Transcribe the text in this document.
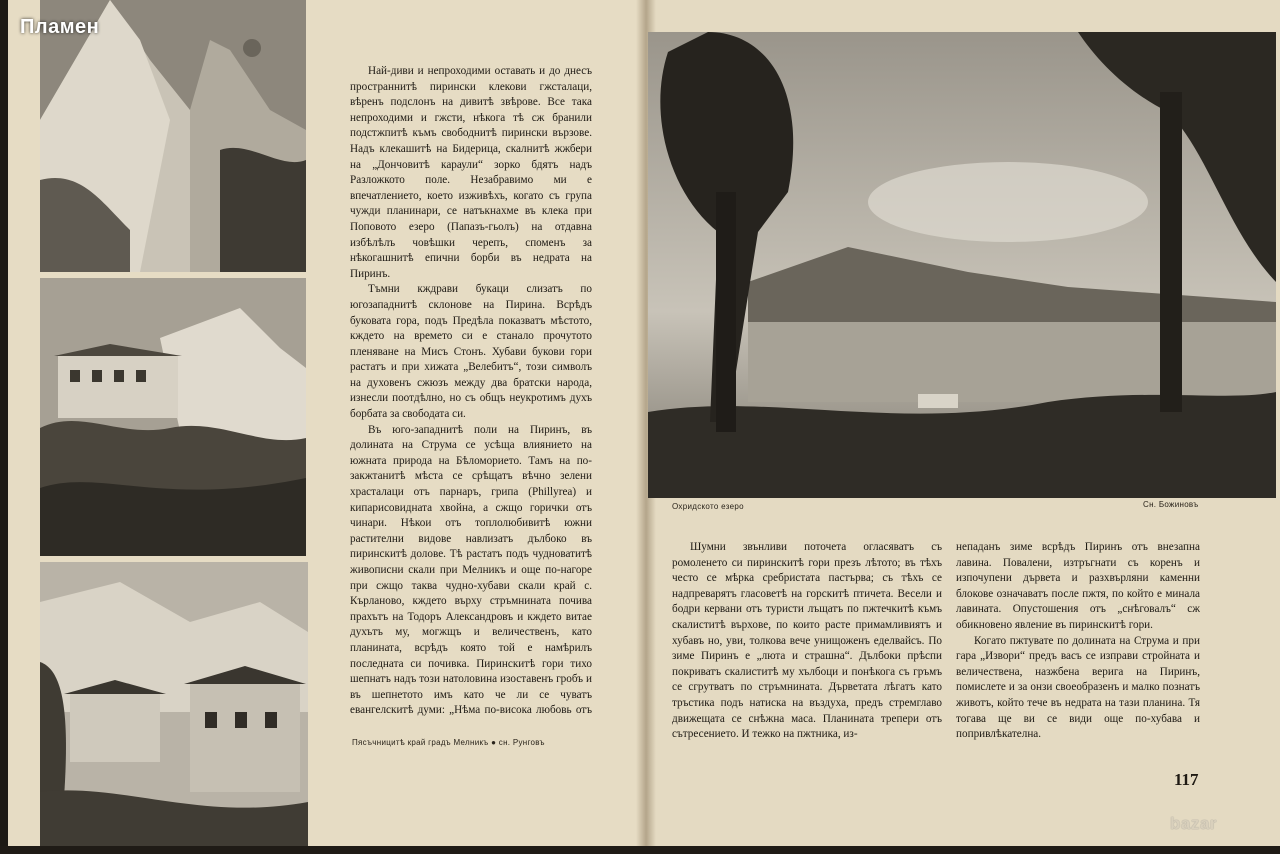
Пламен

Най-диви и непроходими оставать и до днесъ пространнитѣ пирински клекови гжсталаци, вѣренъ подслонъ на дивитѣ звѣрове. Все така непроходими и гжсти, нѣкога тѣ сж бранили подстжпитѣ къмъ свободнитѣ пирински вързове. Надъ клекашитѣ на Бидерица, скалнитѣ жжбери на „Дончовитѣ караули“ зорко бдятъ надъ Разложкото поле. Незабравимо ми е впечатлението, което изживѣхъ, когато съ група чужди планинари, се натъкнахме въ клека при Поповото езеро (Папазъ-гьолъ) на отдавна избѣлѣлъ човѣшки черепъ, споменъ за нѣкогашнитѣ епични борби въ недрата на Пиринъ.

Тъмни кждрави букаци слизатъ по югозападнитѣ склонове на Пирина. Всрѣдъ буковата гора, подъ Предѣла показватъ мѣстото, кждето на времето си е станало прочутото пленяване на Мисъ Стонъ. Хубави букови гори растатъ и при хижата „Велебитъ“, този символъ на духовенъ сжюзъ между два братски народа, изнесли поотдѣлно, но съ общъ неукротимъ духъ борбата за свободата си.

Въ юго-западнитѣ поли на Пиринъ, въ долината на Струма се усѣща влиянието на южната природа на Бѣломорието. Тамъ на по-закжтанитѣ мѣста се срѣщатъ вѣчно зелени храсталаци отъ парнаръ, грипа (Phillyrea) и кипарисовидната хвойна, а сжщо горички отъ чинари. Нѣкои отъ топлолюбивитѣ южни растителни видове навлизатъ дълбоко въ пиринскитѣ долове. Тѣ растатъ подъ чудноватитѣ живописни скали при Мелникъ и още по-нагоре при сжщо таква чудно-хубави скали край с. Кърланово, кждето върху стръмнината почива прахътъ на Тодоръ Александровъ и кждето витае духътъ му, могжщъ и величественъ, като планината, всрѣдъ която той е намѣрилъ последната си почивка. Пиринскитѣ гори тихо шепнатъ надъ този натоловина изоставенъ гробъ и въ шепнетото имъ като че ли се чуватъ евангелскитѣ думи: „Нѣма по-висока любовь отъ

Пясъчницитѣ край градъ Мелникъ ● сн. Рунговъ
Охридското езеро	Сн. Божиновъ

Шумни звънливи поточета огласяватъ съ ромоленето си пиринскитѣ гори презъ лѣтото; въ тѣхъ често се мѣрка сребристата пастърва; съ тѣхъ се надпреварятъ гласоветѣ на горскитѣ птичета. Весели и бодри кервани отъ туристи лъщатъ по пжтечкитѣ къмъ скалиститѣ върхове, по които расте примамливиятъ и хубавъ но, уви, толкова вече унищоженъ еделвайсъ. По зиме Пиринъ е „люта и страшна“. Дълбоки прѣспи покриватъ скалиститѣ му хълбоци и понѣкога съ гръмъ се сгрутватъ по стръмнината. Дърветата лѣгатъ като тръстика подъ натиска на въздуха, предъ стремглаво движещата се снѣжна маса. Планината трепери отъ сътресението. И тежко на пжтника, из-

непаданъ зиме всрѣдъ Пиринъ отъ внезапна лавина. Повалени, изтръгнати съ коренъ и изпочупени дървета и разхвърляни каменни блокове означаватъ после пжтя, по който е минала лавината. Опустошения отъ „снѣговалъ“ сж обикновено явление въ пиринскитѣ гори.

Когато пжтувате по долината на Струма и при гара „Извори“ предъ васъ се изправи стройната и величествена, назжбена верига на Пиринъ, помислете и за онзи своеобразенъ и малко познатъ животъ, който тече въ недрата на тази планина. Тя тогава ще ви се види още по-хубава и попривлѣкателна.

117
bazar
